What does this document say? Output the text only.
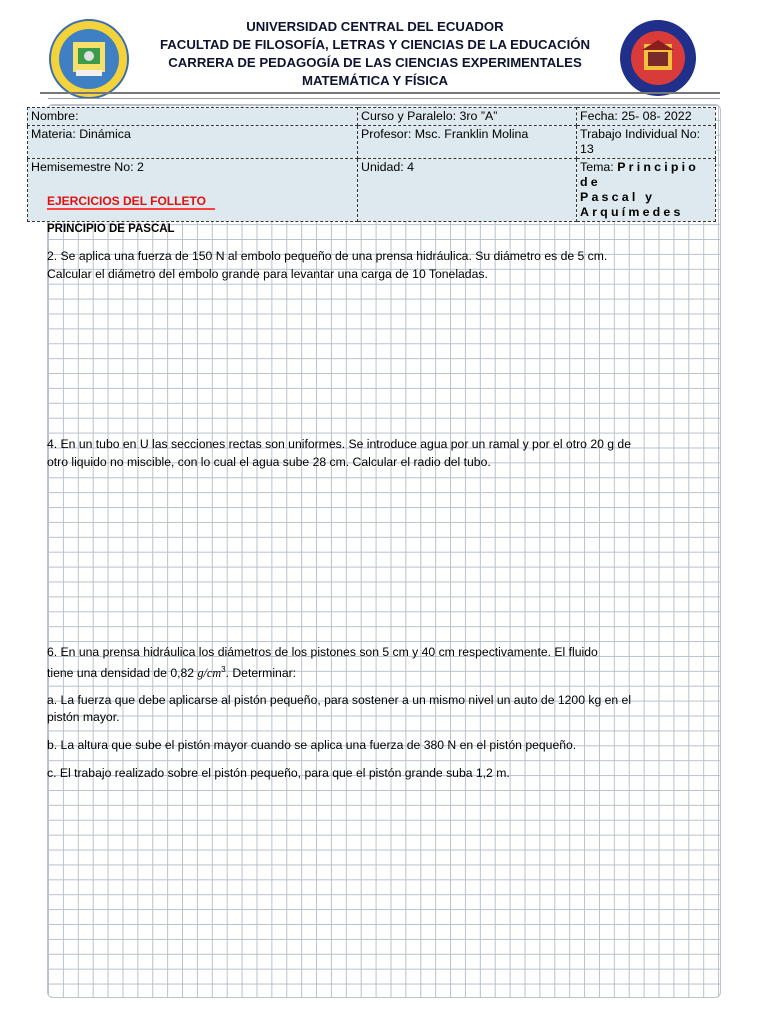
UNIVERSIDAD CENTRAL DEL ECUADOR
FACULTAD DE FILOSOFÍA, LETRAS Y CIENCIAS DE LA EDUCACIÓN
CARRERA DE PEDAGOGÍA DE LAS CIENCIAS EXPERIMENTALES
MATEMÁTICA Y FÍSICA
Nombre:	Curso y Paralelo: 3ro ”A”	Fecha: 25- 08- 2022
Materia: Dinámica	Profesor: Msc. Franklin Molina	Trabajo Individual No: 13
Hemisemestre No: 2	Unidad: 4	Tema: Principio de
Pascal y
Arquímedes
EJERCICIOS DEL FOLLETO
PRINCIPIO DE PASCAL
2. Se aplica una fuerza de 150 N al embolo pequeño de una prensa hidráulica. Su diámetro es de 5 cm.
Calcular el diámetro del embolo grande para levantar una carga de 10 Toneladas.
4. En un tubo en U las secciones rectas son uniformes. Se introduce agua por un ramal y por el otro 20 g de
otro liquido no miscible, con lo cual el agua sube 28 cm. Calcular el radio del tubo.
6. En una prensa hidráulica los diámetros de los pistones son 5 cm y 40 cm respectivamente. El fluido
tiene una densidad de 0,82 $g/cm^3$. Determinar:
a. La fuerza que debe aplicarse al pistón pequeño, para sostener a un mismo nivel un auto de 1200 kg en el
pistón mayor.
b. La altura que sube el pistón mayor cuando se aplica una fuerza de 380 N en el pistón pequeño.
c. El trabajo realizado sobre el pistón pequeño, para que el pistón grande suba 1,2 m.
